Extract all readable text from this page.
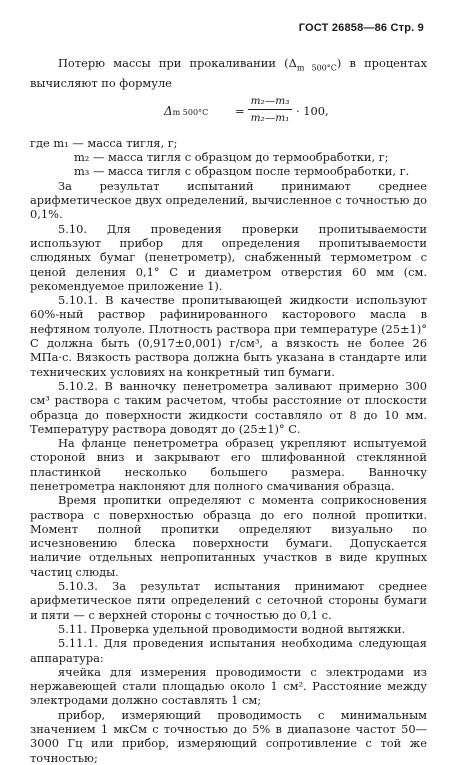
ГОСТ 26858—86 Стр. 9

Потерю массы при прокаливании $(\Delta_{m 500^\circ C})$ в процентах вычисляют по формуле

Δm $500^\circ C = \frac{\text{m₂—m₃}}{\text{m₂—m₁}} \cdot 100$,

где m₁ — масса тигля, г;

m₂ — масса тигля с образцом до термообработки, г;

m₃ — масса тигля с образцом после термообработки, г.

За результат испытаний принимают среднее арифметическое двух определений, вычисленное с точностью до 0,1%.

5.10. Для проведения проверки пропитываемости используют прибор для определения пропитываемости слюдяных бумаг (пенетрометр), снабженный термометром с ценой деления 0,1° С и диаметром отверстия 60 мм (см. рекомендуемое приложение 1).

5.10.1. В качестве пропитывающей жидкости используют 60%-ный раствор рафинированного касторового масла в нефтяном толуоле. Плотность раствора при температуре (25±1)° С должна быть (0,917±0,001) г/см³, а вязкость не более 26 МПа·с. Вязкость раствора должна быть указана в стандарте или технических условиях на конкретный тип бумаги.

5.10.2. В ванночку пенетрометра заливают примерно 300 см³ раствора с таким расчетом, чтобы расстояние от плоскости образца до поверхности жидкости составляло от 8 до 10 мм. Температуру раствора доводят до (25±1)° С.

На фланце пенетрометра образец укрепляют испытуемой стороной вниз и закрывают его шлифованной стеклянной пластинкой несколько большего размера. Ванночку пенетрометра наклоняют для полного смачивания образца.

Время пропитки определяют с момента соприкосновения раствора с поверхностью образца до его полной пропитки. Момент полной пропитки определяют визуально по исчезновению блеска поверхности бумаги. Допускается наличие отдельных непропитанных участков в виде крупных частиц слюды.

5.10.3. За результат испытания принимают среднее арифметическое пяти определений с сеточной стороны бумаги и пяти — с верхней стороны с точностью до 0,1 с.

5.11. Проверка удельной проводимости водной вытяжки.

5.11.1. Для проведения испытания необходима следующая аппаратура:

ячейка для измерения проводимости с электродами из нержавеющей стали площадью около 1 см². Расстояние между электродами должно составлять 1 см;

прибор, измеряющий проводимость с минимальным значением 1 мкСм с точностью до 5% в диапазоне частот 50—3000 Гц или прибор, измеряющий сопротивление с той же точностью;
